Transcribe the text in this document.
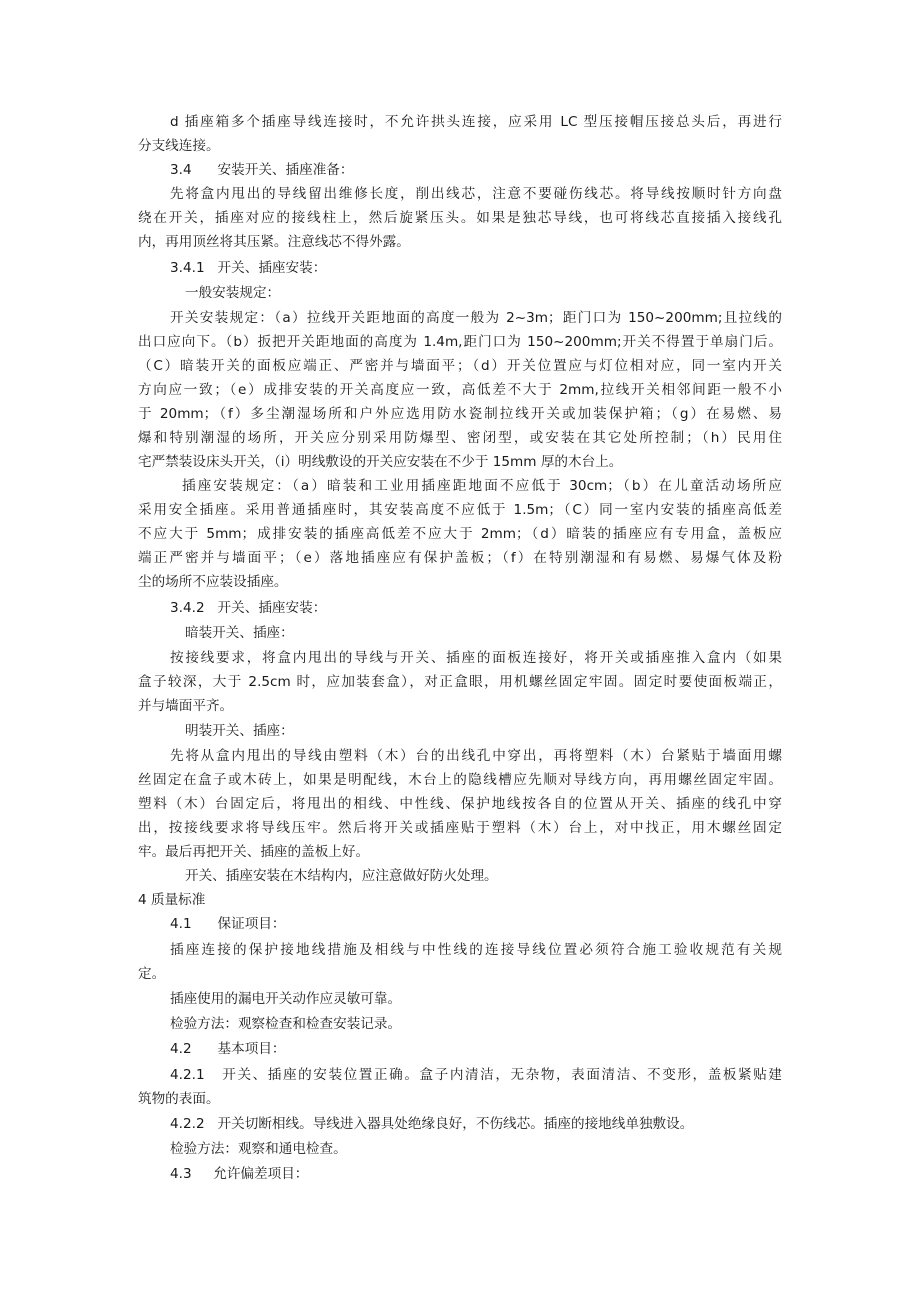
d 插座箱多个插座导线连接时，不允许拱头连接，应采用 LC 型压接帽压接总头后，再进行
分支线连接。
3.4      安装开关、插座准备：
先将盒内甩出的导线留出维修长度，削出线芯，注意不要碰伤线芯。将导线按顺时针方向盘
绕在开关，插座对应的接线柱上，然后旋紧压头。如果是独芯导线，也可将线芯直接插入接线孔
内，再用顶丝将其压紧。注意线芯不得外露。
3.4.1   开关、插座安装：
一般安装规定：
开关安装规定：（a）拉线开关距地面的高度一般为 2~3m；距门口为 150~200mm;且拉线的
出口应向下。（b）扳把开关距地面的高度为 1.4m,距门口为 150~200mm;开关不得置于单扇门后。
（C）暗装开关的面板应端正、严密并与墙面平；（d）开关位置应与灯位相对应，同一室内开关
方向应一致；（e）成排安装的开关高度应一致，高低差不大于 2mm,拉线开关相邻间距一般不小
于 20mm；（f）多尘潮湿场所和户外应选用防水瓷制拉线开关或加装保护箱；（g）在易燃、易
爆和特别潮湿的场所，开关应分别采用防爆型、密闭型，或安装在其它处所控制；（h）民用住
宅严禁装设床头开关，（i）明线敷设的开关应安装在不少于 15mm 厚的木台上。
插座安装规定：（a）暗装和工业用插座距地面不应低于 30cm；（b）在儿童活动场所应
采用安全插座。采用普通插座时，其安装高度不应低于 1.5m；（C）同一室内安装的插座高低差
不应大于 5mm；成排安装的插座高低差不应大于 2mm；（d）暗装的插座应有专用盒，盖板应
端正严密并与墙面平；（e）落地插座应有保护盖板；（f）在特别潮湿和有易燃、易爆气体及粉
尘的场所不应装设插座。
3.4.2   开关、插座安装：
暗装开关、插座：
按接线要求，将盒内甩出的导线与开关、插座的面板连接好，将开关或插座推入盒内（如果
盒子较深，大于 2.5cm 时，应加装套盒），对正盒眼，用机螺丝固定牢固。固定时要使面板端正，
并与墙面平齐。
明装开关、插座：
先将从盒内甩出的导线由塑料（木）台的出线孔中穿出，再将塑料（木）台紧贴于墙面用螺
丝固定在盒子或木砖上，如果是明配线，木台上的隐线槽应先顺对导线方向，再用螺丝固定牢固。
塑料（木）台固定后，将甩出的相线、中性线、保护地线按各自的位置从开关、插座的线孔中穿
出，按接线要求将导线压牢。然后将开关或插座贴于塑料（木）台上，对中找正，用木螺丝固定
牢。最后再把开关、插座的盖板上好。
开关、插座安装在木结构内，应注意做好防火处理。
4 质量标准
4.1      保证项目：
插座连接的保护接地线措施及相线与中性线的连接导线位置必须符合施工验收规范有关规
定。
插座使用的漏电开关动作应灵敏可靠。
检验方法：观察检查和检查安装记录。
4.2      基本项目：
4.2.1   开关、插座的安装位置正确。盒子内清洁，无杂物，表面清洁、不变形，盖板紧贴建
筑物的表面。
4.2.2   开关切断相线。导线进入器具处绝缘良好，不伤线芯。插座的接地线单独敷设。
检验方法：观察和通电检查。
4.3     允许偏差项目：
